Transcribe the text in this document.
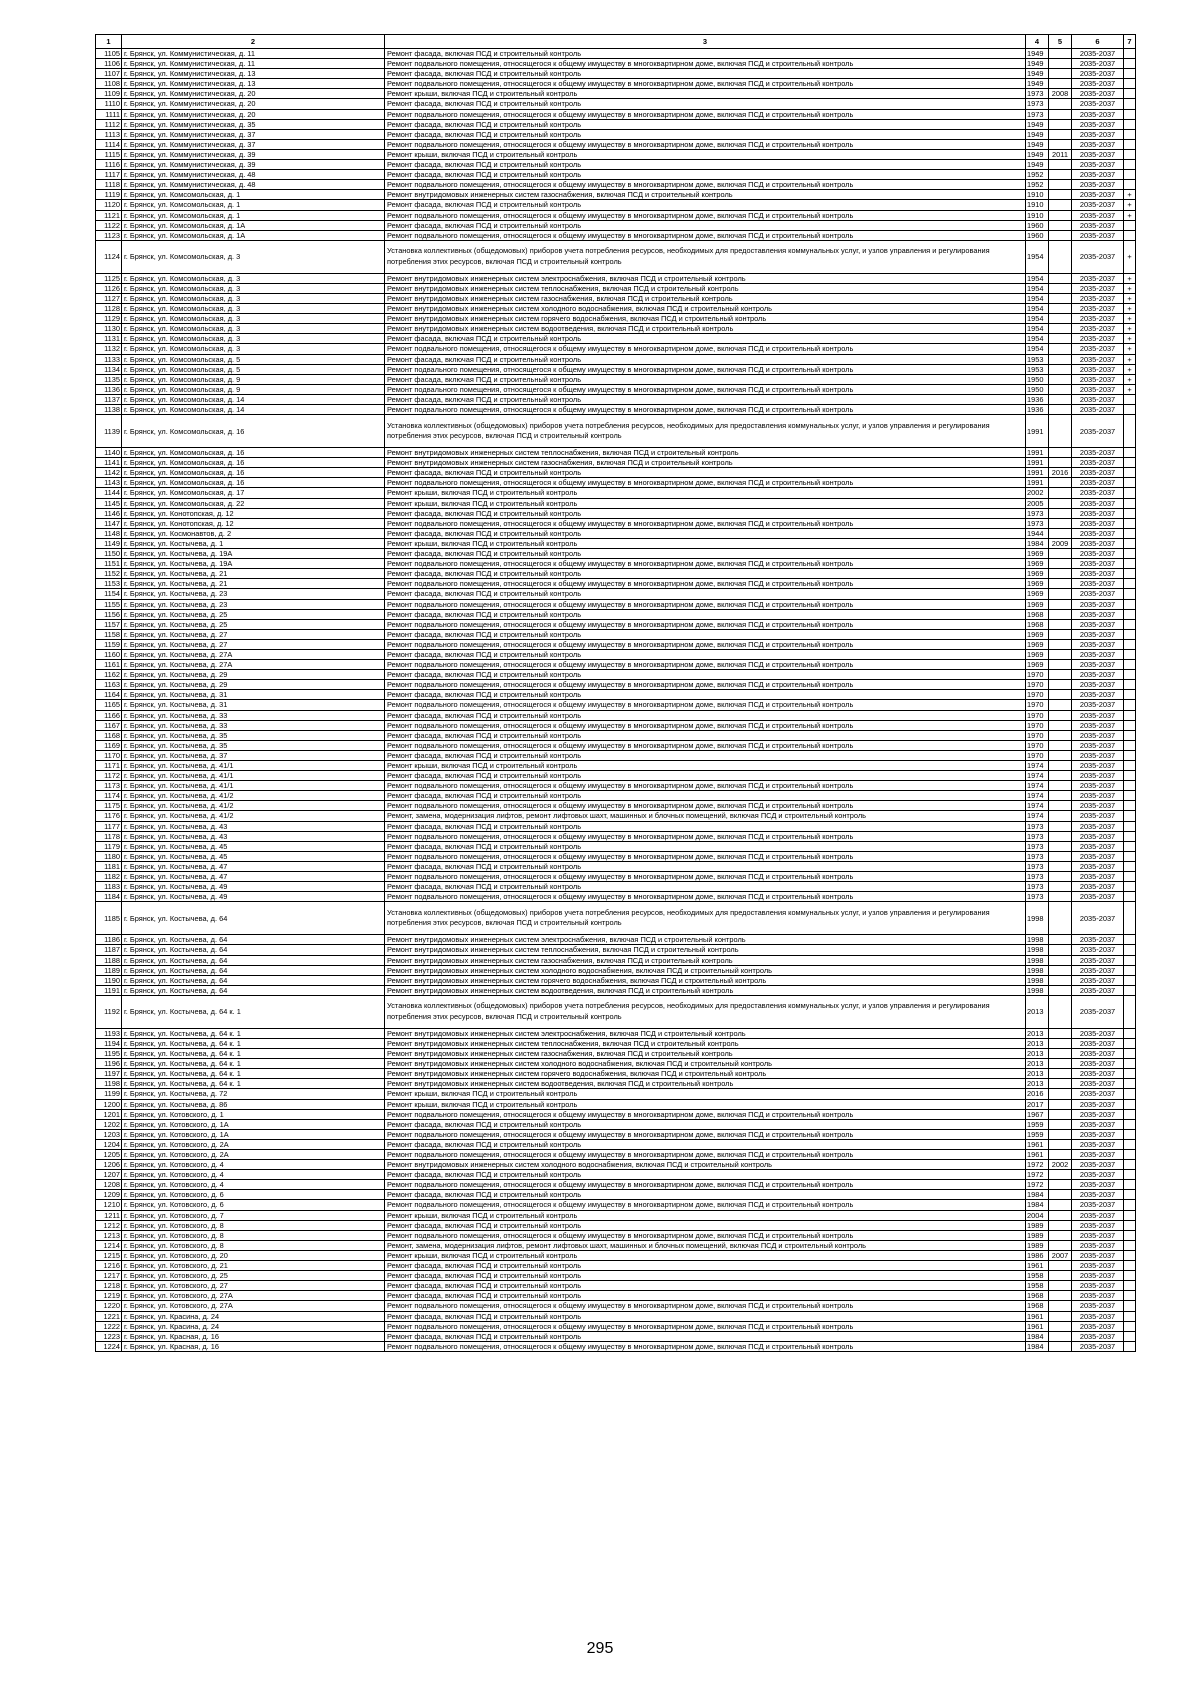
1	2	3	4	5	6	7
1105	г. Брянск, ул. Коммунистическая, д. 11	Ремонт фасада, включая ПСД и строительный контроль	1949		2035-2037	
1106	г. Брянск, ул. Коммунистическая, д. 11	Ремонт подвального помещения, относящегося к общему имуществу в многоквартирном доме, включая ПСД и строительный контроль	1949		2035-2037	
1107	г. Брянск, ул. Коммунистическая, д. 13	Ремонт фасада, включая ПСД и строительный контроль	1949		2035-2037	
1108	г. Брянск, ул. Коммунистическая, д. 13	Ремонт подвального помещения, относящегося к общему имуществу в многоквартирном доме, включая ПСД и строительный контроль	1949		2035-2037	
1109	г. Брянск, ул. Коммунистическая, д. 20	Ремонт крыши, включая ПСД и строительный контроль	1973	2008	2035-2037	
1110	г. Брянск, ул. Коммунистическая, д. 20	Ремонт фасада, включая ПСД и строительный контроль	1973		2035-2037	
1111	г. Брянск, ул. Коммунистическая, д. 20	Ремонт подвального помещения, относящегося к общему имуществу в многоквартирном доме, включая ПСД и строительный контроль	1973		2035-2037	
1112	г. Брянск, ул. Коммунистическая, д. 35	Ремонт фасада, включая ПСД и строительный контроль	1949		2035-2037	
1113	г. Брянск, ул. Коммунистическая, д. 37	Ремонт фасада, включая ПСД и строительный контроль	1949		2035-2037	
1114	г. Брянск, ул. Коммунистическая, д. 37	Ремонт подвального помещения, относящегося к общему имуществу в многоквартирном доме, включая ПСД и строительный контроль	1949		2035-2037	
1115	г. Брянск, ул. Коммунистическая, д. 39	Ремонт крыши, включая ПСД и строительный контроль	1949	2011	2035-2037	
1116	г. Брянск, ул. Коммунистическая, д. 39	Ремонт фасада, включая ПСД и строительный контроль	1949		2035-2037	
1117	г. Брянск, ул. Коммунистическая, д. 48	Ремонт фасада, включая ПСД и строительный контроль	1952		2035-2037	
1118	г. Брянск, ул. Коммунистическая, д. 48	Ремонт подвального помещения, относящегося к общему имуществу в многоквартирном доме, включая ПСД и строительный контроль	1952		2035-2037	
1119	г. Брянск, ул. Комсомольская, д. 1	Ремонт внутридомовых инженерных систем газоснабжения, включая ПСД и строительный контроль	1910		2035-2037	+
1120	г. Брянск, ул. Комсомольская, д. 1	Ремонт фасада, включая ПСД и строительный контроль	1910		2035-2037	+
1121	г. Брянск, ул. Комсомольская, д. 1	Ремонт подвального помещения, относящегося к общему имуществу в многоквартирном доме, включая ПСД и строительный контроль	1910		2035-2037	+
1122	г. Брянск, ул. Комсомольская, д. 1А	Ремонт фасада, включая ПСД и строительный контроль	1960		2035-2037	
1123	г. Брянск, ул. Комсомольская, д. 1А	Ремонт подвального помещения, относящегося к общему имуществу в многоквартирном доме, включая ПСД и строительный контроль	1960		2035-2037	
1124	г. Брянск, ул. Комсомольская, д. 3	Установка коллективных (общедомовых) приборов учета потребления ресурсов, необходимых для предоставления коммунальных услуг, и узлов управления и регулирования потребления этих ресурсов, включая ПСД и строительный контроль	1954		2035-2037	+
1125	г. Брянск, ул. Комсомольская, д. 3	Ремонт внутридомовых инженерных систем электроснабжения, включая ПСД и строительный контроль	1954		2035-2037	+
1126	г. Брянск, ул. Комсомольская, д. 3	Ремонт внутридомовых инженерных систем теплоснабжения, включая ПСД и строительный контроль	1954		2035-2037	+
1127	г. Брянск, ул. Комсомольская, д. 3	Ремонт внутридомовых инженерных систем газоснабжения, включая ПСД и строительный контроль	1954		2035-2037	+
1128	г. Брянск, ул. Комсомольская, д. 3	Ремонт внутридомовых инженерных систем холодного водоснабжения, включая ПСД и строительный контроль	1954		2035-2037	+
1129	г. Брянск, ул. Комсомольская, д. 3	Ремонт внутридомовых инженерных систем горячего водоснабжения, включая ПСД и строительный контроль	1954		2035-2037	+
1130	г. Брянск, ул. Комсомольская, д. 3	Ремонт внутридомовых инженерных систем водоотведения, включая ПСД и строительный контроль	1954		2035-2037	+
1131	г. Брянск, ул. Комсомольская, д. 3	Ремонт фасада, включая ПСД и строительный контроль	1954		2035-2037	+
1132	г. Брянск, ул. Комсомольская, д. 3	Ремонт подвального помещения, относящегося к общему имуществу в многоквартирном доме, включая ПСД и строительный контроль	1954		2035-2037	+
1133	г. Брянск, ул. Комсомольская, д. 5	Ремонт фасада, включая ПСД и строительный контроль	1953		2035-2037	+
1134	г. Брянск, ул. Комсомольская, д. 5	Ремонт подвального помещения, относящегося к общему имуществу в многоквартирном доме, включая ПСД и строительный контроль	1953		2035-2037	+
1135	г. Брянск, ул. Комсомольская, д. 9	Ремонт фасада, включая ПСД и строительный контроль	1950		2035-2037	+
1136	г. Брянск, ул. Комсомольская, д. 9	Ремонт подвального помещения, относящегося к общему имуществу в многоквартирном доме, включая ПСД и строительный контроль	1950		2035-2037	+
1137	г. Брянск, ул. Комсомольская, д. 14	Ремонт фасада, включая ПСД и строительный контроль	1936		2035-2037	
1138	г. Брянск, ул. Комсомольская, д. 14	Ремонт подвального помещения, относящегося к общему имуществу в многоквартирном доме, включая ПСД и строительный контроль	1936		2035-2037	
1139	г. Брянск, ул. Комсомольская, д. 16	Установка коллективных (общедомовых) приборов учета потребления ресурсов, необходимых для предоставления коммунальных услуг, и узлов управления и регулирования потребления этих ресурсов, включая ПСД и строительный контроль	1991		2035-2037	
1140	г. Брянск, ул. Комсомольская, д. 16	Ремонт внутридомовых инженерных систем теплоснабжения, включая ПСД и строительный контроль	1991		2035-2037	
1141	г. Брянск, ул. Комсомольская, д. 16	Ремонт внутридомовых инженерных систем газоснабжения, включая ПСД и строительный контроль	1991		2035-2037	
1142	г. Брянск, ул. Комсомольская, д. 16	Ремонт фасада, включая ПСД и строительный контроль	1991	2016	2035-2037	
1143	г. Брянск, ул. Комсомольская, д. 16	Ремонт подвального помещения, относящегося к общему имуществу в многоквартирном доме, включая ПСД и строительный контроль	1991		2035-2037	
1144	г. Брянск, ул. Комсомольская, д. 17	Ремонт крыши, включая ПСД и строительный контроль	2002		2035-2037	
1145	г. Брянск, ул. Комсомольская, д. 22	Ремонт крыши, включая ПСД и строительный контроль	2005		2035-2037	
1146	г. Брянск, ул. Конотопская, д. 12	Ремонт фасада, включая ПСД и строительный контроль	1973		2035-2037	
1147	г. Брянск, ул. Конотопская, д. 12	Ремонт подвального помещения, относящегося к общему имуществу в многоквартирном доме, включая ПСД и строительный контроль	1973		2035-2037	
1148	г. Брянск, ул. Космонавтов, д. 2	Ремонт фасада, включая ПСД и строительный контроль	1944		2035-2037	
1149	г. Брянск, ул. Костычева, д. 1	Ремонт крыши, включая ПСД и строительный контроль	1984	2009	2035-2037	
1150	г. Брянск, ул. Костычева, д. 19А	Ремонт фасада, включая ПСД и строительный контроль	1969		2035-2037	
1151	г. Брянск, ул. Костычева, д. 19А	Ремонт подвального помещения, относящегося к общему имуществу в многоквартирном доме, включая ПСД и строительный контроль	1969		2035-2037	
1152	г. Брянск, ул. Костычева, д. 21	Ремонт фасада, включая ПСД и строительный контроль	1969		2035-2037	
1153	г. Брянск, ул. Костычева, д. 21	Ремонт подвального помещения, относящегося к общему имуществу в многоквартирном доме, включая ПСД и строительный контроль	1969		2035-2037	
1154	г. Брянск, ул. Костычева, д. 23	Ремонт фасада, включая ПСД и строительный контроль	1969		2035-2037	
1155	г. Брянск, ул. Костычева, д. 23	Ремонт подвального помещения, относящегося к общему имуществу в многоквартирном доме, включая ПСД и строительный контроль	1969		2035-2037	
1156	г. Брянск, ул. Костычева, д. 25	Ремонт фасада, включая ПСД и строительный контроль	1968		2035-2037	
1157	г. Брянск, ул. Костычева, д. 25	Ремонт подвального помещения, относящегося к общему имуществу в многоквартирном доме, включая ПСД и строительный контроль	1968		2035-2037	
1158	г. Брянск, ул. Костычева, д. 27	Ремонт фасада, включая ПСД и строительный контроль	1969		2035-2037	
1159	г. Брянск, ул. Костычева, д. 27	Ремонт подвального помещения, относящегося к общему имуществу в многоквартирном доме, включая ПСД и строительный контроль	1969		2035-2037	
1160	г. Брянск, ул. Костычева, д. 27А	Ремонт фасада, включая ПСД и строительный контроль	1969		2035-2037	
1161	г. Брянск, ул. Костычева, д. 27А	Ремонт подвального помещения, относящегося к общему имуществу в многоквартирном доме, включая ПСД и строительный контроль	1969		2035-2037	
1162	г. Брянск, ул. Костычева, д. 29	Ремонт фасада, включая ПСД и строительный контроль	1970		2035-2037	
1163	г. Брянск, ул. Костычева, д. 29	Ремонт подвального помещения, относящегося к общему имуществу в многоквартирном доме, включая ПСД и строительный контроль	1970		2035-2037	
1164	г. Брянск, ул. Костычева, д. 31	Ремонт фасада, включая ПСД и строительный контроль	1970		2035-2037	
1165	г. Брянск, ул. Костычева, д. 31	Ремонт подвального помещения, относящегося к общему имуществу в многоквартирном доме, включая ПСД и строительный контроль	1970		2035-2037	
1166	г. Брянск, ул. Костычева, д. 33	Ремонт фасада, включая ПСД и строительный контроль	1970		2035-2037	
1167	г. Брянск, ул. Костычева, д. 33	Ремонт подвального помещения, относящегося к общему имуществу в многоквартирном доме, включая ПСД и строительный контроль	1970		2035-2037	
1168	г. Брянск, ул. Костычева, д. 35	Ремонт фасада, включая ПСД и строительный контроль	1970		2035-2037	
1169	г. Брянск, ул. Костычева, д. 35	Ремонт подвального помещения, относящегося к общему имуществу в многоквартирном доме, включая ПСД и строительный контроль	1970		2035-2037	
1170	г. Брянск, ул. Костычева, д. 37	Ремонт фасада, включая ПСД и строительный контроль	1970		2035-2037	
1171	г. Брянск, ул. Костычева, д. 41/1	Ремонт крыши, включая ПСД и строительный контроль	1974		2035-2037	
1172	г. Брянск, ул. Костычева, д. 41/1	Ремонт фасада, включая ПСД и строительный контроль	1974		2035-2037	
1173	г. Брянск, ул. Костычева, д. 41/1	Ремонт подвального помещения, относящегося к общему имуществу в многоквартирном доме, включая ПСД и строительный контроль	1974		2035-2037	
1174	г. Брянск, ул. Костычева, д. 41/2	Ремонт фасада, включая ПСД и строительный контроль	1974		2035-2037	
1175	г. Брянск, ул. Костычева, д. 41/2	Ремонт подвального помещения, относящегося к общему имуществу в многоквартирном доме, включая ПСД и строительный контроль	1974		2035-2037	
1176	г. Брянск, ул. Костычева, д. 41/2	Ремонт, замена, модернизация лифтов, ремонт лифтовых шахт, машинных и блочных помещений, включая ПСД и строительный контроль	1974		2035-2037	
1177	г. Брянск, ул. Костычева, д. 43	Ремонт фасада, включая ПСД и строительный контроль	1973		2035-2037	
1178	г. Брянск, ул. Костычева, д. 43	Ремонт подвального помещения, относящегося к общему имуществу в многоквартирном доме, включая ПСД и строительный контроль	1973		2035-2037	
1179	г. Брянск, ул. Костычева, д. 45	Ремонт фасада, включая ПСД и строительный контроль	1973		2035-2037	
1180	г. Брянск, ул. Костычева, д. 45	Ремонт подвального помещения, относящегося к общему имуществу в многоквартирном доме, включая ПСД и строительный контроль	1973		2035-2037	
1181	г. Брянск, ул. Костычева, д. 47	Ремонт фасада, включая ПСД и строительный контроль	1973		2035-2037	
1182	г. Брянск, ул. Костычева, д. 47	Ремонт подвального помещения, относящегося к общему имуществу в многоквартирном доме, включая ПСД и строительный контроль	1973		2035-2037	
1183	г. Брянск, ул. Костычева, д. 49	Ремонт фасада, включая ПСД и строительный контроль	1973		2035-2037	
1184	г. Брянск, ул. Костычева, д. 49	Ремонт подвального помещения, относящегося к общему имуществу в многоквартирном доме, включая ПСД и строительный контроль	1973		2035-2037	
1185	г. Брянск, ул. Костычева, д. 64	Установка коллективных (общедомовых) приборов учета потребления ресурсов, необходимых для предоставления коммунальных услуг, и узлов управления и регулирования потребления этих ресурсов, включая ПСД и строительный контроль	1998		2035-2037	
1186	г. Брянск, ул. Костычева, д. 64	Ремонт внутридомовых инженерных систем электроснабжения, включая ПСД и строительный контроль	1998		2035-2037	
1187	г. Брянск, ул. Костычева, д. 64	Ремонт внутридомовых инженерных систем теплоснабжения, включая ПСД и строительный контроль	1998		2035-2037	
1188	г. Брянск, ул. Костычева, д. 64	Ремонт внутридомовых инженерных систем газоснабжения, включая ПСД и строительный контроль	1998		2035-2037	
1189	г. Брянск, ул. Костычева, д. 64	Ремонт внутридомовых инженерных систем холодного водоснабжения, включая ПСД и строительный контроль	1998		2035-2037	
1190	г. Брянск, ул. Костычева, д. 64	Ремонт внутридомовых инженерных систем горячего водоснабжения, включая ПСД и строительный контроль	1998		2035-2037	
1191	г. Брянск, ул. Костычева, д. 64	Ремонт внутридомовых инженерных систем водоотведения, включая ПСД и строительный контроль	1998		2035-2037	
1192	г. Брянск, ул. Костычева, д. 64 к. 1	Установка коллективных (общедомовых) приборов учета потребления ресурсов, необходимых для предоставления коммунальных услуг, и узлов управления и регулирования потребления этих ресурсов, включая ПСД и строительный контроль	2013		2035-2037	
1193	г. Брянск, ул. Костычева, д. 64 к. 1	Ремонт внутридомовых инженерных систем электроснабжения, включая ПСД и строительный контроль	2013		2035-2037	
1194	г. Брянск, ул. Костычева, д. 64 к. 1	Ремонт внутридомовых инженерных систем теплоснабжения, включая ПСД и строительный контроль	2013		2035-2037	
1195	г. Брянск, ул. Костычева, д. 64 к. 1	Ремонт внутридомовых инженерных систем газоснабжения, включая ПСД и строительный контроль	2013		2035-2037	
1196	г. Брянск, ул. Костычева, д. 64 к. 1	Ремонт внутридомовых инженерных систем холодного водоснабжения, включая ПСД и строительный контроль	2013		2035-2037	
1197	г. Брянск, ул. Костычева, д. 64 к. 1	Ремонт внутридомовых инженерных систем горячего водоснабжения, включая ПСД и строительный контроль	2013		2035-2037	
1198	г. Брянск, ул. Костычева, д. 64 к. 1	Ремонт внутридомовых инженерных систем водоотведения, включая ПСД и строительный контроль	2013		2035-2037	
1199	г. Брянск, ул. Костычева, д. 72	Ремонт крыши, включая ПСД и строительный контроль	2016		2035-2037	
1200	г. Брянск, ул. Костычева, д. 86	Ремонт крыши, включая ПСД и строительный контроль	2017		2035-2037	
1201	г. Брянск, ул. Котовского, д. 1	Ремонт подвального помещения, относящегося к общему имуществу в многоквартирном доме, включая ПСД и строительный контроль	1967		2035-2037	
1202	г. Брянск, ул. Котовского, д. 1А	Ремонт фасада, включая ПСД и строительный контроль	1959		2035-2037	
1203	г. Брянск, ул. Котовского, д. 1А	Ремонт подвального помещения, относящегося к общему имуществу в многоквартирном доме, включая ПСД и строительный контроль	1959		2035-2037	
1204	г. Брянск, ул. Котовского, д. 2А	Ремонт фасада, включая ПСД и строительный контроль	1961		2035-2037	
1205	г. Брянск, ул. Котовского, д. 2А	Ремонт подвального помещения, относящегося к общему имуществу в многоквартирном доме, включая ПСД и строительный контроль	1961		2035-2037	
1206	г. Брянск, ул. Котовского, д. 4	Ремонт внутридомовых инженерных систем холодного водоснабжения, включая ПСД и строительный контроль	1972	2002	2035-2037	
1207	г. Брянск, ул. Котовского, д. 4	Ремонт фасада, включая ПСД и строительный контроль	1972		2035-2037	
1208	г. Брянск, ул. Котовского, д. 4	Ремонт подвального помещения, относящегося к общему имуществу в многоквартирном доме, включая ПСД и строительный контроль	1972		2035-2037	
1209	г. Брянск, ул. Котовского, д. 6	Ремонт фасада, включая ПСД и строительный контроль	1984		2035-2037	
1210	г. Брянск, ул. Котовского, д. 6	Ремонт подвального помещения, относящегося к общему имуществу в многоквартирном доме, включая ПСД и строительный контроль	1984		2035-2037	
1211	г. Брянск, ул. Котовского, д. 7	Ремонт крыши, включая ПСД и строительный контроль	2004		2035-2037	
1212	г. Брянск, ул. Котовского, д. 8	Ремонт фасада, включая ПСД и строительный контроль	1989		2035-2037	
1213	г. Брянск, ул. Котовского, д. 8	Ремонт подвального помещения, относящегося к общему имуществу в многоквартирном доме, включая ПСД и строительный контроль	1989		2035-2037	
1214	г. Брянск, ул. Котовского, д. 8	Ремонт, замена, модернизация лифтов, ремонт лифтовых шахт, машинных и блочных помещений, включая ПСД и строительный контроль	1989		2035-2037	
1215	г. Брянск, ул. Котовского, д. 20	Ремонт крыши, включая ПСД и строительный контроль	1986	2007	2035-2037	
1216	г. Брянск, ул. Котовского, д. 21	Ремонт фасада, включая ПСД и строительный контроль	1961		2035-2037	
1217	г. Брянск, ул. Котовского, д. 25	Ремонт фасада, включая ПСД и строительный контроль	1958		2035-2037	
1218	г. Брянск, ул. Котовского, д. 27	Ремонт фасада, включая ПСД и строительный контроль	1958		2035-2037	
1219	г. Брянск, ул. Котовского, д. 27А	Ремонт фасада, включая ПСД и строительный контроль	1968		2035-2037	
1220	г. Брянск, ул. Котовского, д. 27А	Ремонт подвального помещения, относящегося к общему имуществу в многоквартирном доме, включая ПСД и строительный контроль	1968		2035-2037	
1221	г. Брянск, ул. Красина, д. 24	Ремонт фасада, включая ПСД и строительный контроль	1961		2035-2037	
1222	г. Брянск, ул. Красина, д. 24	Ремонт подвального помещения, относящегося к общему имуществу в многоквартирном доме, включая ПСД и строительный контроль	1961		2035-2037	
1223	г. Брянск, ул. Красная, д. 16	Ремонт фасада, включая ПСД и строительный контроль	1984		2035-2037	
1224	г. Брянск, ул. Красная, д. 16	Ремонт подвального помещения, относящегося к общему имуществу в многоквартирном доме, включая ПСД и строительный контроль	1984		2035-2037	
295
